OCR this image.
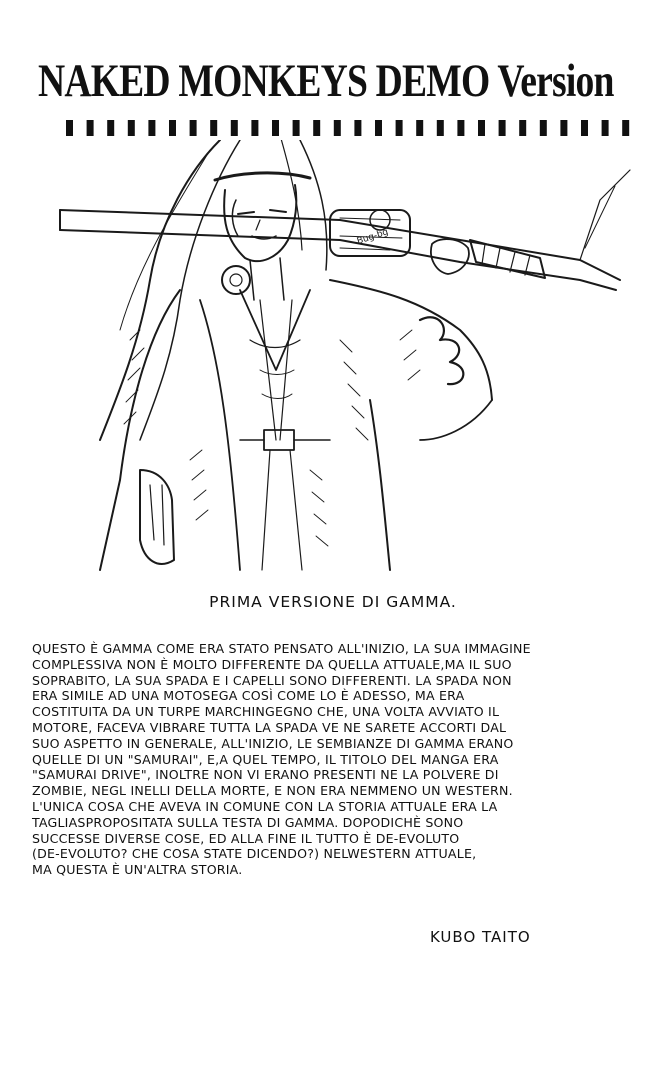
NAKED MONKEYS DEMO Version
Bug-bg
PRIMA VERSIONE DI GAMMA.

QUESTO È GAMMA COME ERA STATO PENSATO ALL'INIZIO, LA SUA IMMAGINE
COMPLESSIVA NON È MOLTO DIFFERENTE DA QUELLA ATTUALE,MA IL SUO
SOPRABITO, LA SUA SPADA E I CAPELLI SONO DIFFERENTI. LA SPADA NON
ERA SIMILE AD UNA MOTOSEGA COSÌ COME LO È ADESSO, MA ERA
COSTITUITA DA UN TURPE MARCHINGEGNO CHE, UNA VOLTA AVVIATO IL
MOTORE, FACEVA VIBRARE TUTTA LA SPADA VE NE SARETE ACCORTI DAL
SUO ASPETTO IN GENERALE, ALL'INIZIO, LE SEMBIANZE DI GAMMA ERANO
QUELLE DI UN "SAMURAI", E,A QUEL TEMPO, IL TITOLO DEL MANGA ERA
"SAMURAI DRIVE", INOLTRE NON VI ERANO PRESENTI NE LA POLVERE DI
ZOMBIE, NEGL INELLI DELLA MORTE, E NON ERA NEMMENO UN WESTERN.
L'UNICA COSA CHE AVEVA IN COMUNE CON LA STORIA ATTUALE ERA LA
TAGLIASPROPOSITATA SULLA TESTA DI GAMMA. DOPODICHÈ SONO
SUCCESSE DIVERSE COSE, ED ALLA FINE IL TUTTO È DE-EVOLUTO
(DE-EVOLUTO? CHE COSA STATE DICENDO?) NELWESTERN ATTUALE,
MA QUESTA È UN'ALTRA STORIA.

KUBO TAITO
